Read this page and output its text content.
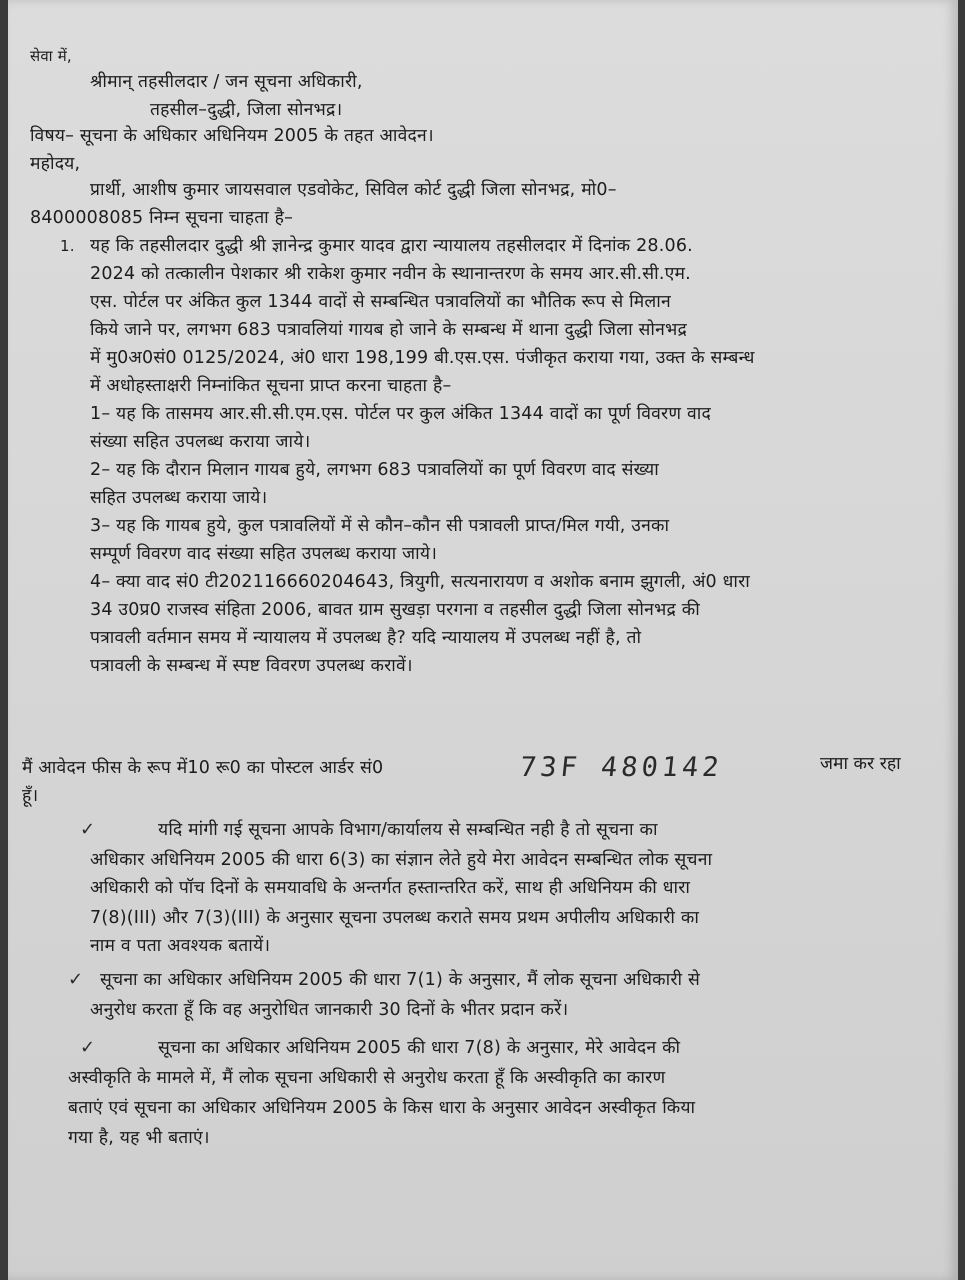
सेवा में,
श्रीमान् तहसीलदार / जन सूचना अधिकारी,
तहसील–दुद्धी, जिला सोनभद्र।
विषय– सूचना के अधिकार अधिनियम 2005 के तहत आवेदन।
महोदय,
प्रार्थी, आशीष कुमार जायसवाल एडवोकेट, सिविल कोर्ट दुद्धी जिला सोनभद्र, मो0–
8400008085 निम्न सूचना चाहता है–
1. यह कि तहसीलदार दुद्धी श्री ज्ञानेन्द्र कुमार यादव द्वारा न्यायालय तहसीलदार में दिनांक 28.06.
2024 को तत्कालीन पेशकार श्री राकेश कुमार नवीन के स्थानान्तरण के समय आर.सी.सी.एम.
एस. पोर्टल पर अंकित कुल 1344 वादों से सम्बन्धित पत्रावलियों का भौतिक रूप से मिलान
किये जाने पर, लगभग 683 पत्रावलियां गायब हो जाने के सम्बन्ध में थाना दुद्धी जिला सोनभद्र
में मु0अ0सं0 0125/2024, अं0 धारा 198,199 बी.एस.एस. पंजीकृत कराया गया, उक्त के सम्बन्ध
में अधोहस्ताक्षरी निम्नांकित सूचना प्राप्त करना चाहता है–
1– यह कि तासमय आर.सी.सी.एम.एस. पोर्टल पर कुल अंकित 1344 वादों का पूर्ण विवरण वाद
संख्या सहित उपलब्ध कराया जाये।
2– यह कि दौरान मिलान गायब हुये, लगभग 683 पत्रावलियों का पूर्ण विवरण वाद संख्या
सहित उपलब्ध कराया जाये।
3– यह कि गायब हुये, कुल पत्रावलियों में से कौन–कौन सी पत्रावली प्राप्त/मिल गयी, उनका
सम्पूर्ण विवरण वाद संख्या सहित उपलब्ध कराया जाये।
4– क्या वाद सं0 टी202116660204643, त्रियुगी, सत्यनारायण व अशोक बनाम झुगली, अं0 धारा
34 उ0प्र0 राजस्व संहिता 2006, बावत ग्राम सुखड़ा परगना व तहसील दुद्धी जिला सोनभद्र की
पत्रावली वर्तमान समय में न्यायालय में उपलब्ध है? यदि न्यायालय में उपलब्ध नहीं है, तो
पत्रावली के सम्बन्ध में स्पष्ट विवरण उपलब्ध करावें।
मैं आवेदन फीस के रूप में10 रू0 का पोस्टल आर्डर सं0	73F 480142	जमा कर रहा
हूँ।
✓	यदि मांगी गई सूचना आपके विभाग/कार्यालय से सम्बन्धित नही है तो सूचना का
अधिकार अधिनियम 2005 की धारा 6(3) का संज्ञान लेते हुये मेरा आवेदन सम्बन्धित लोक सूचना
अधिकारी को पॉच दिनों के समयावधि के अन्तर्गत हस्तान्तरित करें, साथ ही अधिनियम की धारा
7(8)(III) और 7(3)(III) के अनुसार सूचना उपलब्ध कराते समय प्रथम अपीलीय अधिकारी का
नाम व पता अवश्यक बतायें।
✓ सूचना का अधिकार अधिनियम 2005 की धारा 7(1) के अनुसार, मैं लोक सूचना अधिकारी से
अनुरोध करता हूँ कि वह अनुरोधित जानकारी 30 दिनों के भीतर प्रदान करें।
✓	सूचना का अधिकार अधिनियम 2005 की धारा 7(8) के अनुसार, मेरे आवेदन की
अस्वीकृति के मामले में, मैं लोक सूचना अधिकारी से अनुरोध करता हूँ कि अस्वीकृति का कारण
बताएं एवं सूचना का अधिकार अधिनियम 2005 के किस धारा के अनुसार आवेदन अस्वीकृत किया
गया है, यह भी बताएं।
